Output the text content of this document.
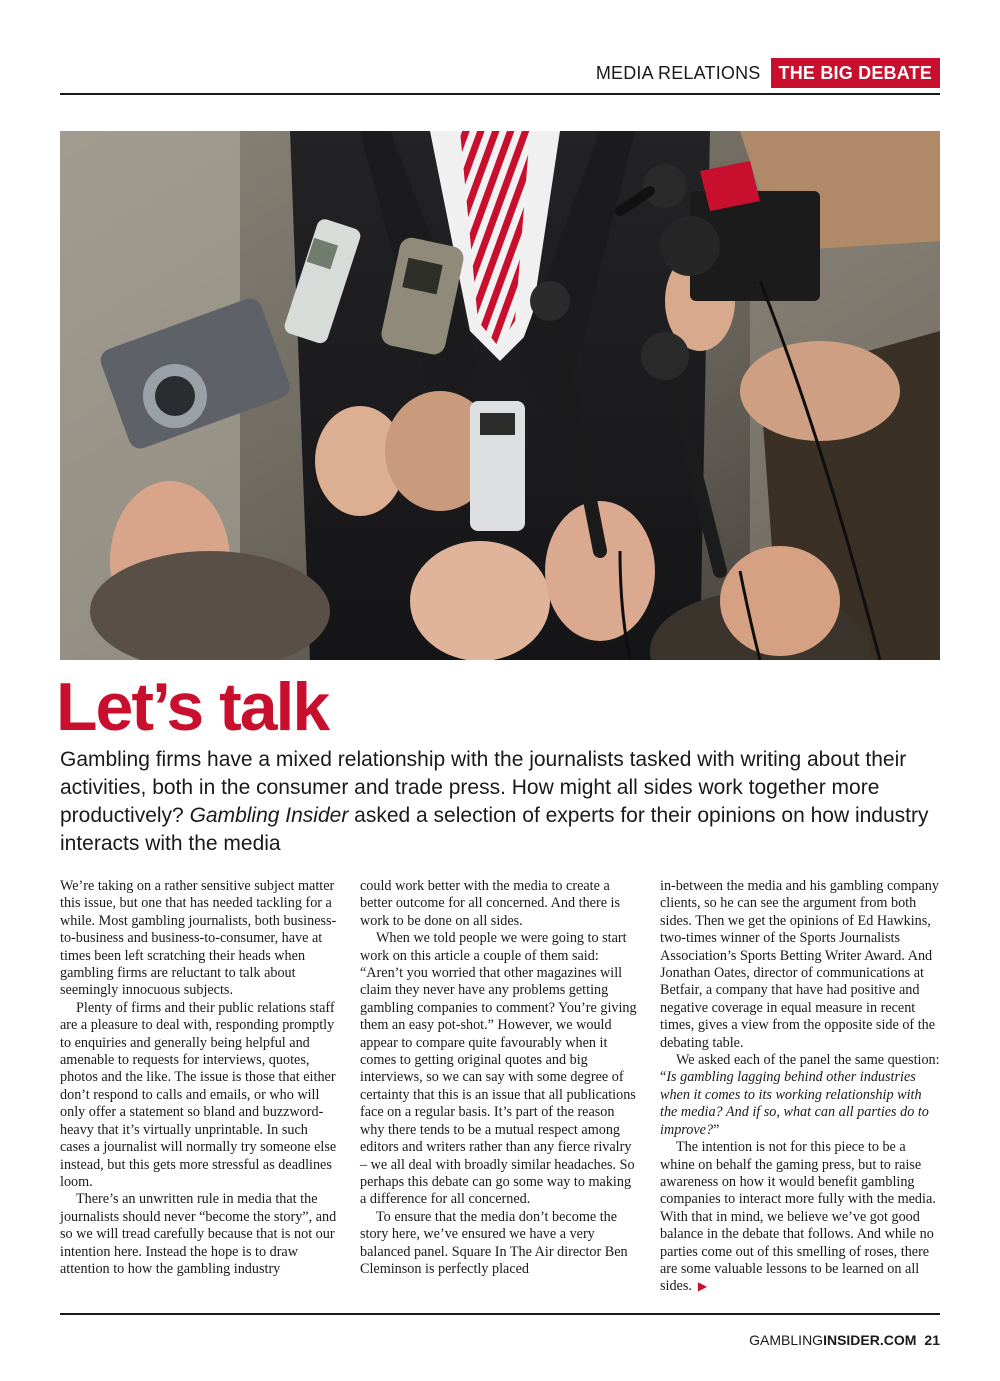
MEDIA RELATIONS	THE BIG DEBATE
Let’s talk

Gambling firms have a mixed relationship with the journalists tasked with writing about their activities, both in the consumer and trade press. How might all sides work together more productively? Gambling Insider asked a selection of experts for their opinions on how industry interacts with the media

We’re taking on a rather sensitive subject matter this issue, but one that has needed tackling for a while. Most gambling journalists, both business-to-business and business-to-consumer, have at times been left scratching their heads when gambling firms are reluctant to talk about seemingly innocuous subjects.

Plenty of firms and their public relations staff are a pleasure to deal with, responding promptly to enquiries and generally being helpful and amenable to requests for interviews, quotes, photos and the like. The issue is those that either don’t respond to calls and emails, or who will only offer a statement so bland and buzzword-heavy that it’s virtually unprintable. In such cases a journalist will normally try someone else instead, but this gets more stressful as deadlines loom.

There’s an unwritten rule in media that the journalists should never “become the story”, and so we will tread carefully because that is not our intention here. Instead the hope is to draw attention to how the gambling industry

could work better with the media to create a better outcome for all concerned. And there is work to be done on all sides.

When we told people we were going to start work on this article a couple of them said: “Aren’t you worried that other magazines will claim they never have any problems getting gambling companies to comment? You’re giving them an easy pot-shot.” However, we would appear to compare quite favourably when it comes to getting original quotes and big interviews, so we can say with some degree of certainty that this is an issue that all publications face on a regular basis. It’s part of the reason why there tends to be a mutual respect among editors and writers rather than any fierce rivalry – we all deal with broadly similar headaches. So perhaps this debate can go some way to making a difference for all concerned.

To ensure that the media don’t become the story here, we’ve ensured we have a very balanced panel. Square In The Air director Ben Cleminson is perfectly placed

in-between the media and his gambling company clients, so he can see the argument from both sides. Then we get the opinions of Ed Hawkins, two-times winner of the Sports Journalists Association’s Sports Betting Writer Award. And Jonathan Oates, director of communications at Betfair, a company that have had positive and negative coverage in equal measure in recent times, gives a view from the opposite side of the debating table.

We asked each of the panel the same question: “Is gambling lagging behind other industries when it comes to its working relationship with the media? And if so, what can all parties do to improve?”

The intention is not for this piece to be a whine on behalf the gaming press, but to raise awareness on how it would benefit gambling companies to interact more fully with the media. With that in mind, we believe we’ve got good balance in the debate that follows. And while no parties come out of this smelling of roses, there are some valuable lessons to be learned on all sides. ▶

GAMBLINGINSIDER.COM 21
